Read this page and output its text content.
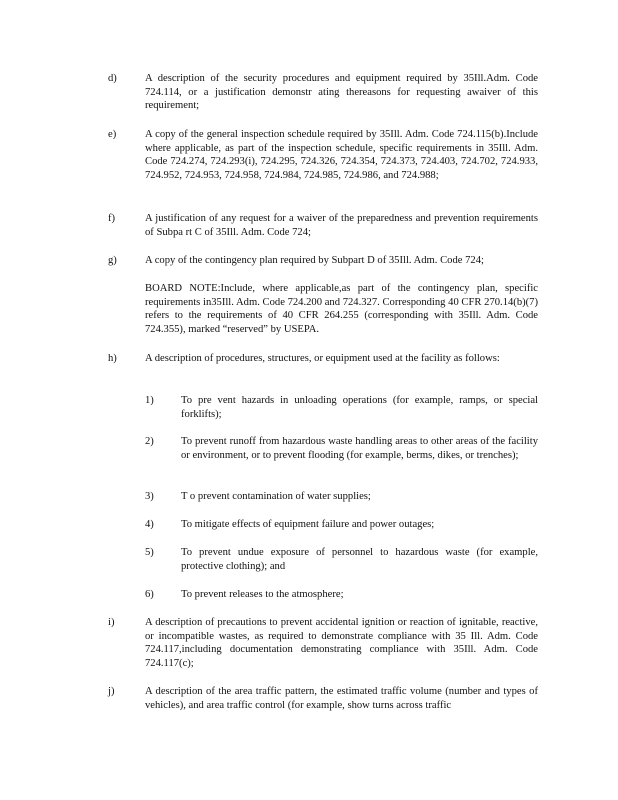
d)	A description of the security procedures and equipment required by 35Ill.Adm. Code 724.114, or a justification demonstr ating thereasons for requesting awaiver of this requirement;
e)	A copy of the general inspection schedule required by 35Ill. Adm. Code 724.115(b).Include where applicable, as part of the inspection schedule, specific requirements in 35Ill. Adm. Code 724.274, 724.293(i), 724.295, 724.326, 724.354, 724.373, 724.403, 724.702, 724.933, 724.952, 724.953, 724.958, 724.984, 724.985, 724.986, and 724.988;
f)	A justification of any request for a waiver of the preparedness and prevention requirements of Subpa rt C of 35Ill. Adm. Code 724;
g)	A copy of the contingency plan required by Subpart D of 35Ill. Adm. Code 724;
BOARD NOTE:Include, where applicable,as part of the contingency plan, specific requirements in35Ill. Adm. Code 724.200 and 724.327. Corresponding 40 CFR 270.14(b)(7) refers to the requirements of 40 CFR 264.255 (corresponding with 35Ill. Adm. Code 724.355), marked “reserved” by USEPA.
h)	A description of procedures, structures, or equipment used at the facility as follows:
1)	To pre vent hazards in unloading operations (for example, ramps, or special forklifts);
2)	To prevent runoff from hazardous waste handling areas to other areas of the facility or environment, or to prevent flooding (for example, berms, dikes, or trenches);
3)	T o prevent contamination of water supplies;
4)	To mitigate effects of equipment failure and power outages;
5)	To prevent undue exposure of personnel to hazardous waste (for example, protective clothing); and
6)	To prevent releases to the atmosphere;
i)	A description of precautions to prevent accidental ignition or reaction of ignitable, reactive, or incompatible wastes, as required to demonstrate compliance with 35 Ill. Adm. Code 724.117,including documentation demonstrating compliance with 35Ill. Adm. Code 724.117(c);
j)	A description of the area traffic pattern, the estimated traffic volume (number and types of vehicles), and area traffic control (for example, show turns across traffic
